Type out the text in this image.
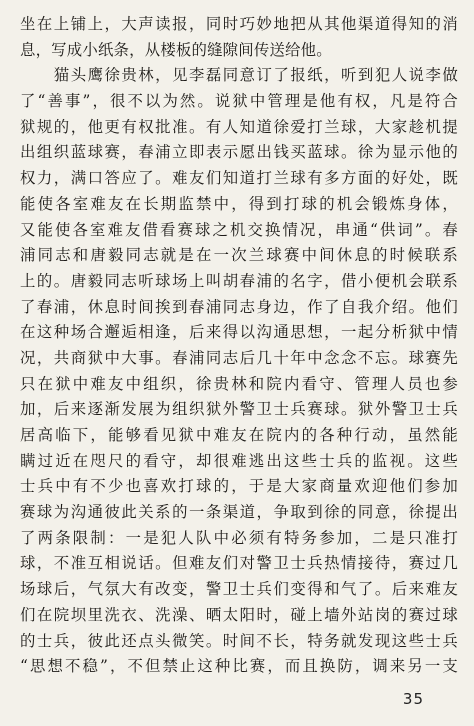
坐在上铺上，大声读报，同时巧妙地把从其他渠道得知的消
息，写成小纸条，从楼板的缝隙间传送给他。
　　猫头鹰徐贵林，见李磊同意订了报纸，听到犯人说李做
了“善事”，很不以为然。说狱中管理是他有权，凡是符合
狱规的，他更有权批准。有人知道徐爱打兰球，大家趁机提
出组织蓝球赛，春浦立即表示愿出钱买蓝球。徐为显示他的
权力，满口答应了。难友们知道打兰球有多方面的好处，既
能使各室难友在长期监禁中，得到打球的机会锻炼身体，
又能使各室难友借看赛球之机交换情况，串通“供词”。春
浦同志和唐毅同志就是在一次兰球赛中间休息的时候联系
上的。唐毅同志听球场上叫胡春浦的名字，借小便机会联系
了春浦，休息时间挨到春浦同志身边，作了自我介绍。他们
在这种场合邂逅相逢，后来得以沟通思想，一起分析狱中情
况，共商狱中大事。春浦同志后几十年中念念不忘。球赛先
只在狱中难友中组织，徐贵林和院内看守、管理人员也参
加，后来逐渐发展为组织狱外警卫士兵赛球。狱外警卫士兵
居高临下，能够看见狱中难友在院内的各种行动，虽然能
瞒过近在咫尺的看守，却很难逃出这些士兵的监视。这些
士兵中有不少也喜欢打球的，于是大家商量欢迎他们参加
赛球为沟通彼此关系的一条渠道，争取到徐的同意，徐提出
了两条限制：一是犯人队中必须有特务参加，二是只准打
球，不准互相说话。但难友们对警卫士兵热情接待，赛过几
场球后，气氛大有改变，警卫士兵们变得和气了。后来难友
们在院坝里洗衣、洗澡、晒太阳时，碰上墙外站岗的赛过球
的士兵，彼此还点头微笑。时间不长，特务就发现这些士兵
“思想不稳”，不但禁止这种比赛，而且换防，调来另一支
35
